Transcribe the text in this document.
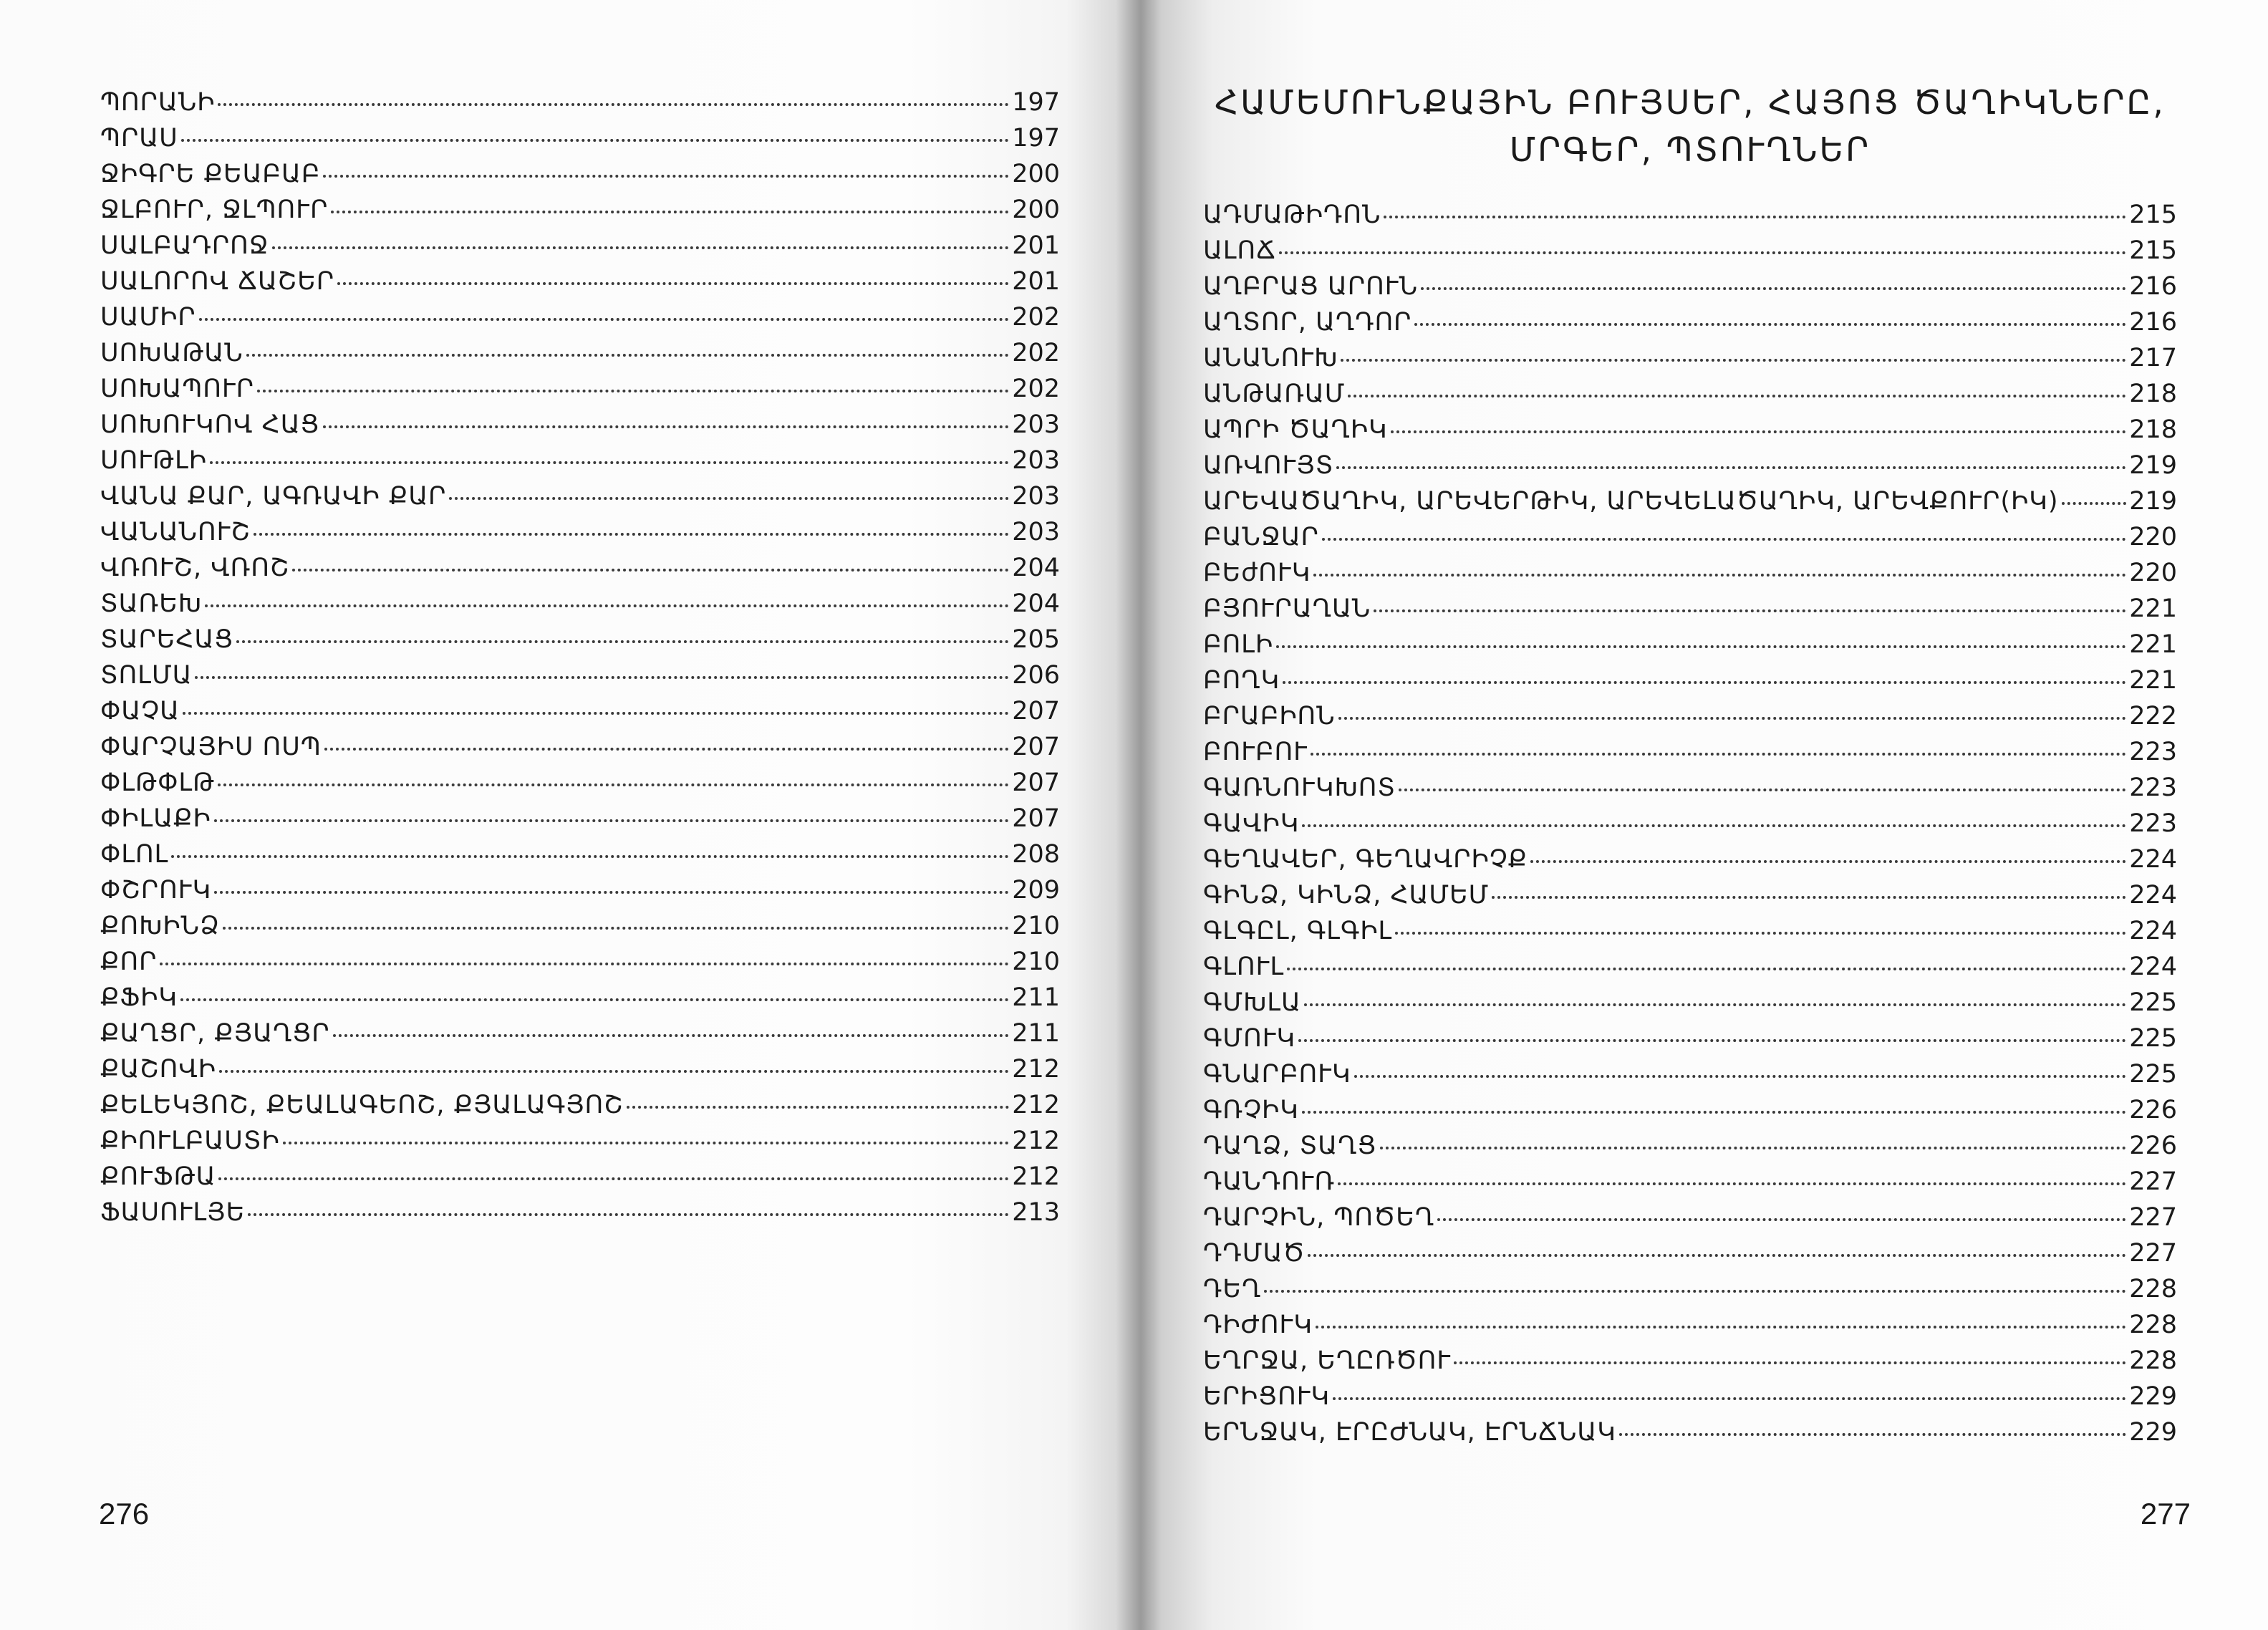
ՊՈՐԱՆԻ	197
ՊՐԱՍ	197
ՋԻԳՐԵ ՔԵԱԲԱԲ	200
ՋԼԲՈՒՐ, ՋԼՊՈՒՐ	200
ՍԱԼԲԱԴՐՈՋ	201
ՍԱԼՈՐՈՎ ՃԱՇԵՐ	201
ՍԱՄԻՐ	202
ՍՈԽԱԹԱՆ	202
ՍՈԽԱՊՈՒՐ	202
ՍՈԽՈՒԿՈՎ ՀԱՑ	203
ՍՈՒԹԼԻ	203
ՎԱՆԱ ՔԱՐ, ԱԳՌԱՎԻ ՔԱՐ	203
ՎԱՆԱՆՈՒՇ	203
ՎՌՈՒՇ, ՎՌՈՇ	204
ՏԱՌԵԽ	204
ՏԱՐԵՀԱՑ	205
ՏՈԼՄԱ	206
ՓԱՉԱ	207
ՓԱՐՉԱՅԻՍ ՈՍՊ	207
ՓԼԹՓԼԹ	207
ՓԻԼԱՔԻ	207
ՓԼՈԼ	208
ՓՇՐՈՒԿ	209
ՔՈԽԻՆՁ	210
ՔՈՐ	210
ՔՖԻԿ	211
ՔԱՂՑՐ, ՔՅԱՂՑՐ	211
ՔԱՇՈՎԻ	212
ՔԵԼԵԿՅՈՇ, ՔԵԱԼԱԳԵՈՇ, ՔՅԱԼԱԳՅՈՇ	212
ՔԻՈՒԼԲԱՍՏԻ	212
ՔՈՒՖԹԱ	212
ՖԱՍՈՒԼՅԵ	213
276
ՀԱՄԵՄՈՒՆՔԱՅԻՆ ԲՈՒՅՍԵՐ, ՀԱՅՈՑ ԾԱՂԻԿՆԵՐԸ,
ՄՐԳԵՐ, ՊՏՈՒՂՆԵՐ
ԱԴՄԱԹԻԴՈՆ	215
ԱԼՈՃ	215
ԱՂԲՐԱՑ ԱՐՈՒՆ	216
ԱՂՏՈՐ, ԱՂԴՈՐ	216
ԱՆԱՆՈՒԽ	217
ԱՆԹԱՌԱՄ	218
ԱՊՐԻ ԾԱՂԻԿ	218
ԱՌՎՈՒՅՏ	219
ԱՐԵՎԱԾԱՂԻԿ, ԱՐԵՎԵՐԹԻԿ, ԱՐԵՎԵԼԱԾԱՂԻԿ, ԱՐԵՎՔՈՒՐ(ԻԿ)	219
ԲԱՆՋԱՐ	220
ԲԵժՈՒԿ	220
ԲՅՈՒՐԱՂԱՆ	221
ԲՈԼԻ	221
ԲՈՂԿ	221
ԲՐԱԲԻՈՆ	222
ԲՈՒԲՈՒ	223
ԳԱՌՆՈՒԿԽՈՏ	223
ԳԱՎԻԿ	223
ԳԵՂԱՎԵՐ, ԳԵՂԱՎՐԻՉՔ	224
ԳԻՆՁ, ԿԻՆՁ, ՀԱՄԵՄ	224
ԳԼԳԸԼ, ԳԼԳԻԼ	224
ԳԼՈՒԼ	224
ԳՄԽԼԱ	225
ԳՄՈՒԿ	225
ԳՆԱՐԲՈՒԿ	225
ԳՌՉԻԿ	226
ԴԱՂՁ, ՏԱՂՑ	226
ԴԱՆԴՈՒՌ	227
ԴԱՐՉԻՆ, ՊՈԾԵՂ	227
ԴԴՄԱԾ	227
ԴԵՂ	228
ԴԻԺՈՒԿ	228
ԵՂՐՋԱ, ԵՂԸՌԾՈՒ	228
ԵՐԻՑՈՒԿ	229
ԵՐՆՋԱԿ, ԷՐԸԺՆԱԿ, ԷՐՆՃՆԱԿ	229
277
